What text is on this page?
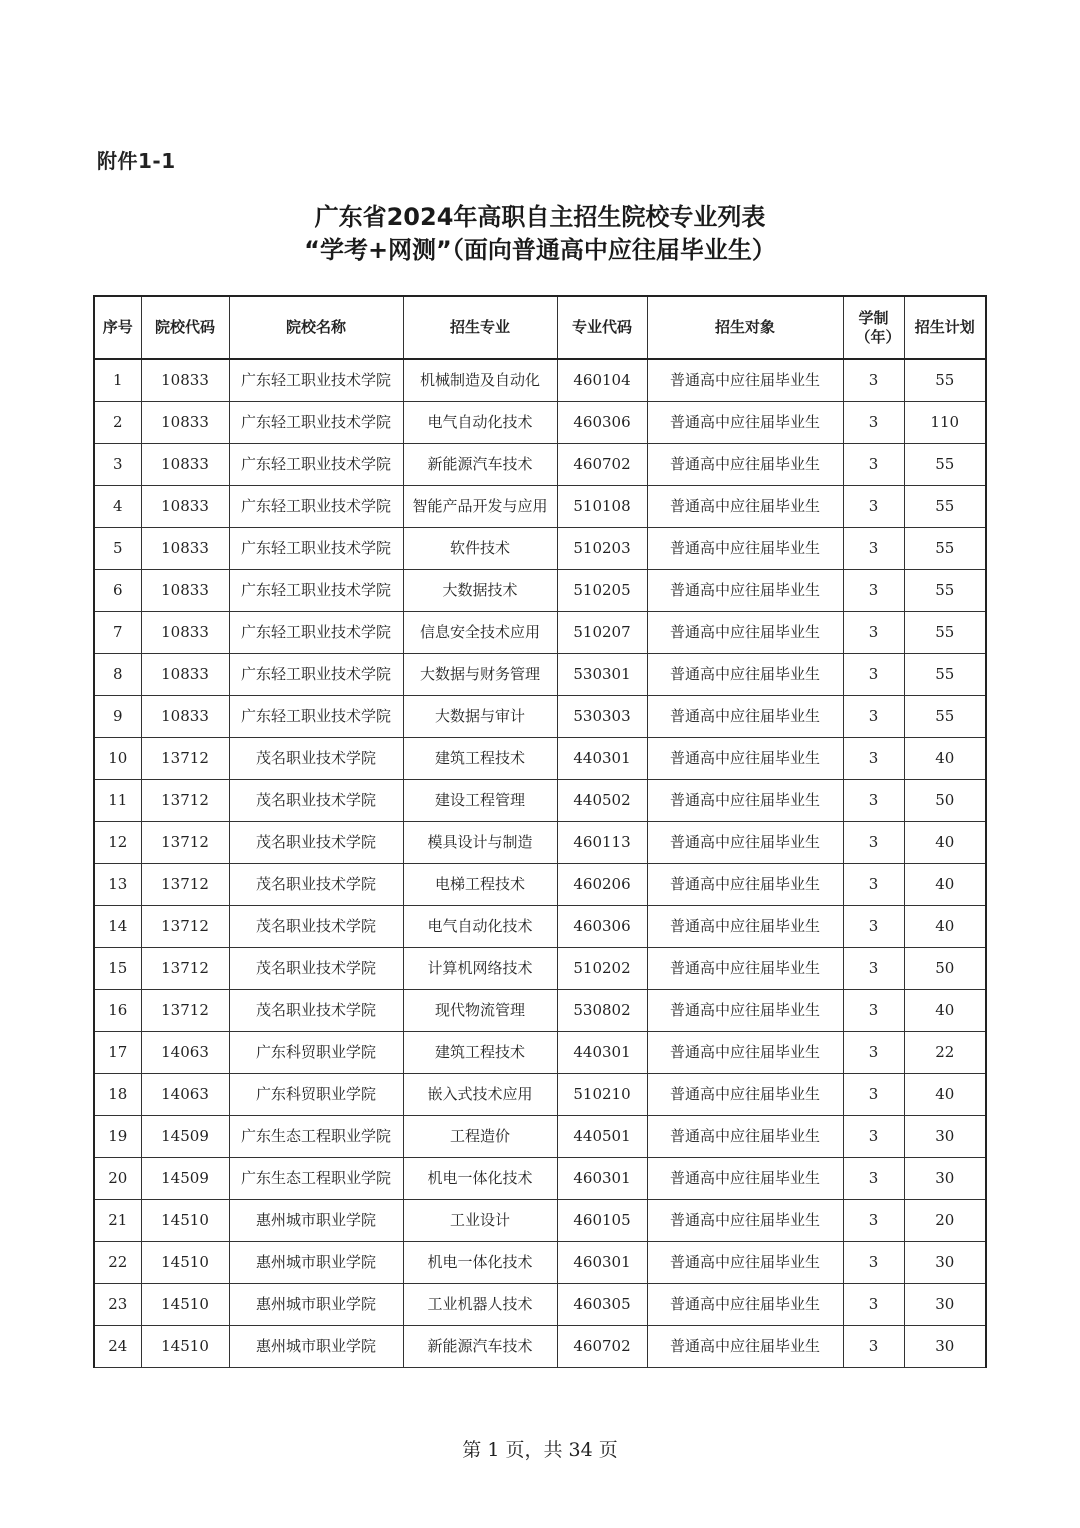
附件1-1
广东省2024年高职自主招生院校专业列表
“学考+网测”（面向普通高中应往届毕业生）
序号	院校代码	院校名称	招生专业	专业代码	招生对象	学制（年）	招生计划
1	10833	广东轻工职业技术学院	机械制造及自动化	460104	普通高中应往届毕业生	3	55
2	10833	广东轻工职业技术学院	电气自动化技术	460306	普通高中应往届毕业生	3	110
3	10833	广东轻工职业技术学院	新能源汽车技术	460702	普通高中应往届毕业生	3	55
4	10833	广东轻工职业技术学院	智能产品开发与应用	510108	普通高中应往届毕业生	3	55
5	10833	广东轻工职业技术学院	软件技术	510203	普通高中应往届毕业生	3	55
6	10833	广东轻工职业技术学院	大数据技术	510205	普通高中应往届毕业生	3	55
7	10833	广东轻工职业技术学院	信息安全技术应用	510207	普通高中应往届毕业生	3	55
8	10833	广东轻工职业技术学院	大数据与财务管理	530301	普通高中应往届毕业生	3	55
9	10833	广东轻工职业技术学院	大数据与审计	530303	普通高中应往届毕业生	3	55
10	13712	茂名职业技术学院	建筑工程技术	440301	普通高中应往届毕业生	3	40
11	13712	茂名职业技术学院	建设工程管理	440502	普通高中应往届毕业生	3	50
12	13712	茂名职业技术学院	模具设计与制造	460113	普通高中应往届毕业生	3	40
13	13712	茂名职业技术学院	电梯工程技术	460206	普通高中应往届毕业生	3	40
14	13712	茂名职业技术学院	电气自动化技术	460306	普通高中应往届毕业生	3	40
15	13712	茂名职业技术学院	计算机网络技术	510202	普通高中应往届毕业生	3	50
16	13712	茂名职业技术学院	现代物流管理	530802	普通高中应往届毕业生	3	40
17	14063	广东科贸职业学院	建筑工程技术	440301	普通高中应往届毕业生	3	22
18	14063	广东科贸职业学院	嵌入式技术应用	510210	普通高中应往届毕业生	3	40
19	14509	广东生态工程职业学院	工程造价	440501	普通高中应往届毕业生	3	30
20	14509	广东生态工程职业学院	机电一体化技术	460301	普通高中应往届毕业生	3	30
21	14510	惠州城市职业学院	工业设计	460105	普通高中应往届毕业生	3	20
22	14510	惠州城市职业学院	机电一体化技术	460301	普通高中应往届毕业生	3	30
23	14510	惠州城市职业学院	工业机器人技术	460305	普通高中应往届毕业生	3	30
24	14510	惠州城市职业学院	新能源汽车技术	460702	普通高中应往届毕业生	3	30
第 1 页，共 34 页
